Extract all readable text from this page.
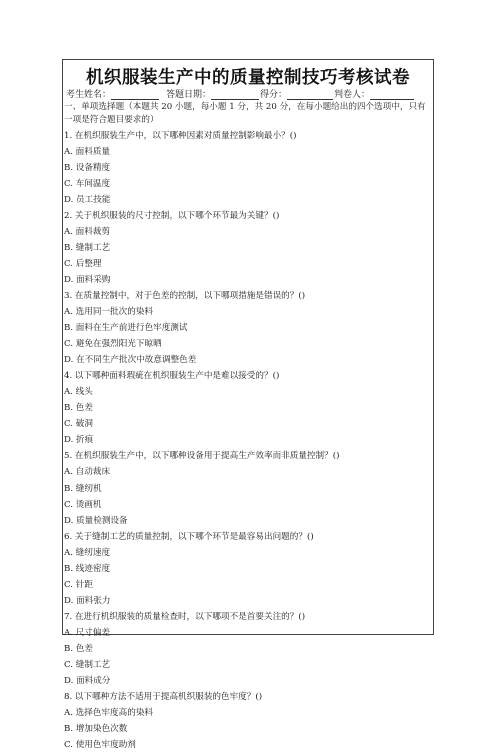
机织服装生产中的质量控制技巧考核试卷
考生姓名：	答题日期：	得分：	判卷人：
一、单项选择题（本题共 20 小题，每小题 1 分，共 20 分，在每小题给出的四个选项中，只有一项是符合题目要求的）
1. 在机织服装生产中，以下哪种因素对质量控制影响最小？()
A. 面料质量
B. 设备精度
C. 车间温度
D. 员工技能
2. 关于机织服装的尺寸控制，以下哪个环节最为关键？()
A. 面料裁剪
B. 缝制工艺
C. 后整理
D. 面料采购
3. 在质量控制中，对于色差的控制，以下哪项措施是错误的？()
A. 选用同一批次的染料
B. 面料在生产前进行色牢度测试
C. 避免在强烈阳光下晾晒
D. 在不同生产批次中故意调整色差
4. 以下哪种面料瑕疵在机织服装生产中是难以接受的？()
A. 线头
B. 色差
C. 破洞
D. 折痕
5. 在机织服装生产中，以下哪种设备用于提高生产效率而非质量控制？()
A. 自动裁床
B. 缝纫机
C. 烫画机
D. 质量检测设备
6. 关于缝制工艺的质量控制，以下哪个环节是最容易出问题的？()
A. 缝纫速度
B. 线迹密度
C. 针距
D. 面料张力
7. 在进行机织服装的质量检查时，以下哪项不是首要关注的？()
A. 尺寸偏差
B. 色差
C. 缝制工艺
D. 面料成分
8. 以下哪种方法不适用于提高机织服装的色牢度？()
A. 选择色牢度高的染料
B. 增加染色次数
C. 使用色牢度助剂
